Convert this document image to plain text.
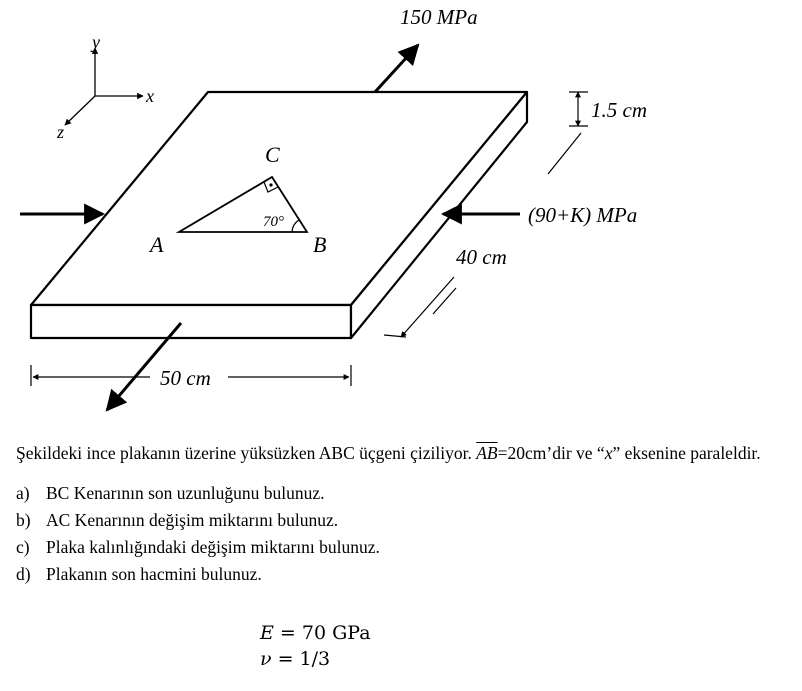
y
x
z
A	B
C
70°
150 MPa
(90+K) MPa
1.5 cm
40 cm
50 cm

Şekildeki ince plakanın üzerine yüksüzken ABC üçgeni çiziliyor. $\overline{AB}=20cm’dir$ ve “x” eksenine paraleldir.

a) BC Kenarının son uzunluğunu bulunuz.
b) AC Kenarının değişim miktarını bulunuz.
c) Plaka kalınlığındaki değişim miktarını bulunuz.
d) Plakanın son hacmini bulunuz.
E = 70 GPa
ν = 1/3
